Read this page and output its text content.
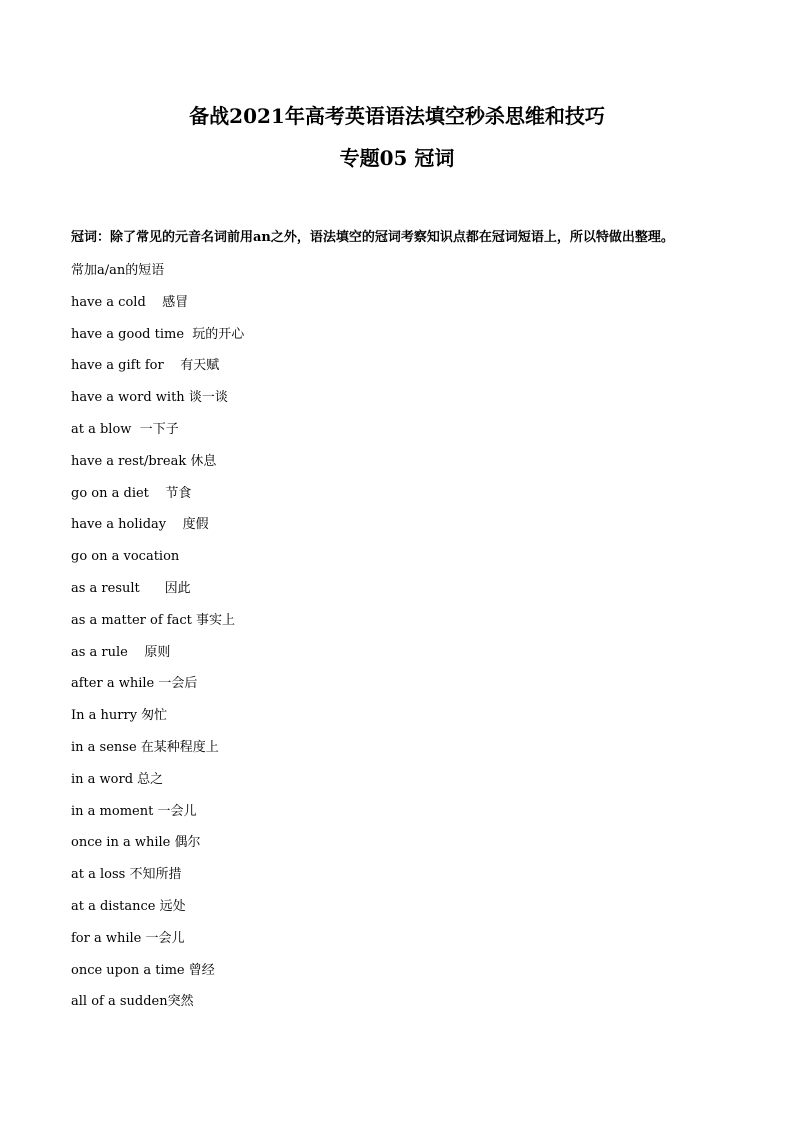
备战2021年高考英语语法填空秒杀思维和技巧
专题05 冠词
冠词：除了常见的元音名词前用an之外，语法填空的冠词考察知识点都在冠词短语上，所以特做出整理。
常加a/an的短语
have a cold    感冒
have a good time  玩的开心
have a gift for    有天赋
have a word with 谈一谈
at a blow  一下子
have a rest/break 休息
go on a diet    节食
have a holiday    度假
go on a vocation
as a result      因此
as a matter of fact 事实上
as a rule    原则
after a while 一会后
In a hurry 匆忙
in a sense 在某种程度上
in a word 总之
in a moment 一会儿
once in a while 偶尔
at a loss 不知所措
at a distance 远处
for a while 一会儿
once upon a time 曾经
all of a sudden突然
